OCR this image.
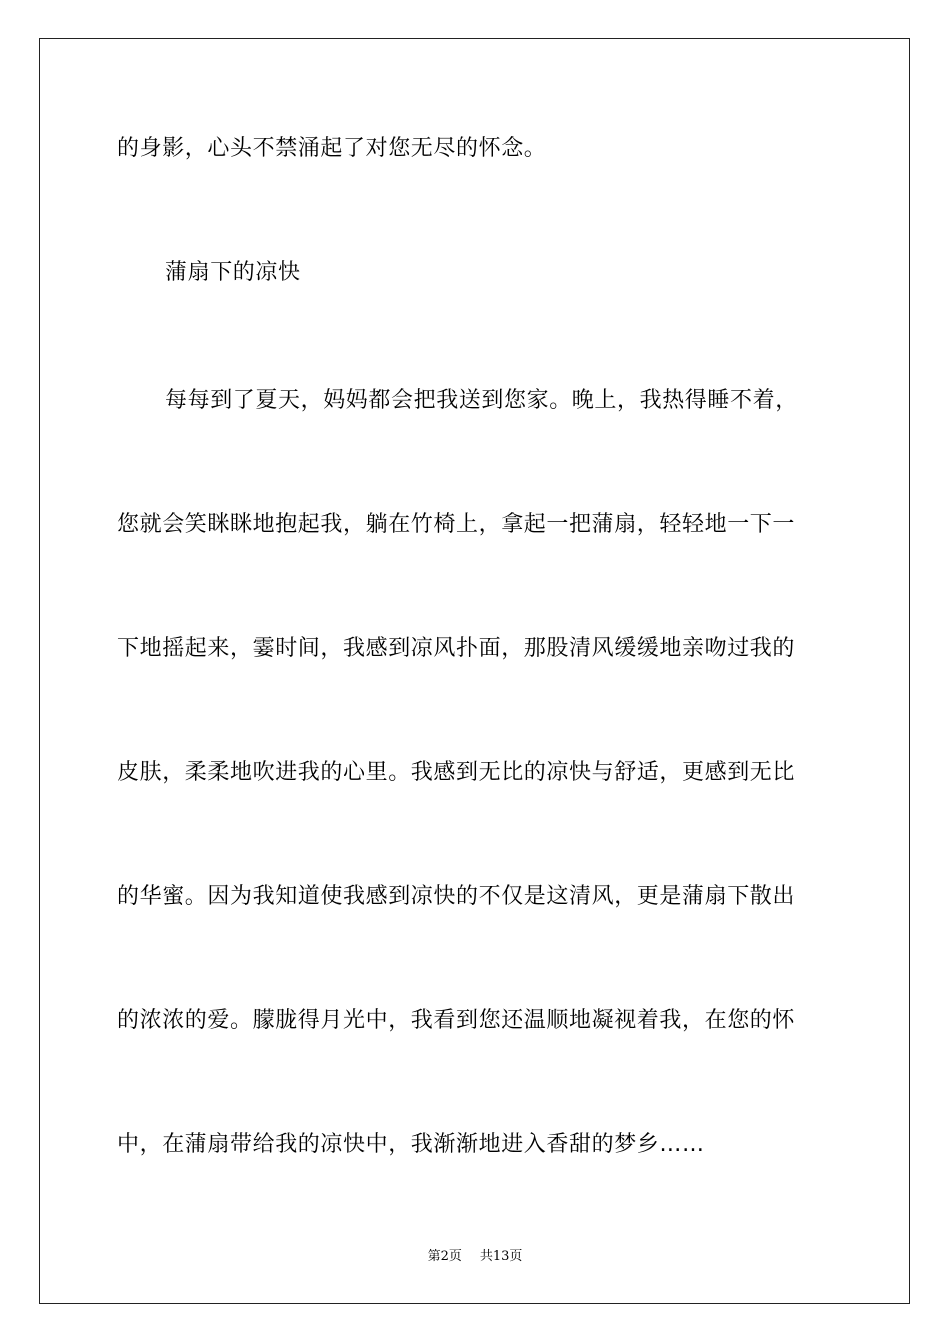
的身影，心头不禁涌起了对您无尽的怀念。
蒲扇下的凉快
每每到了夏天，妈妈都会把我送到您家。晚上，我热得睡不着，
您就会笑眯眯地抱起我，躺在竹椅上，拿起一把蒲扇，轻轻地一下一
下地摇起来，霎时间，我感到凉风扑面，那股清风缓缓地亲吻过我的
皮肤，柔柔地吹进我的心里。我感到无比的凉快与舒适，更感到无比
的华蜜。因为我知道使我感到凉快的不仅是这清风，更是蒲扇下散出
的浓浓的爱。朦胧得月光中，我看到您还温顺地凝视着我，在您的怀
中，在蒲扇带给我的凉快中，我渐渐地进入香甜的梦乡……
第2页 共13页
